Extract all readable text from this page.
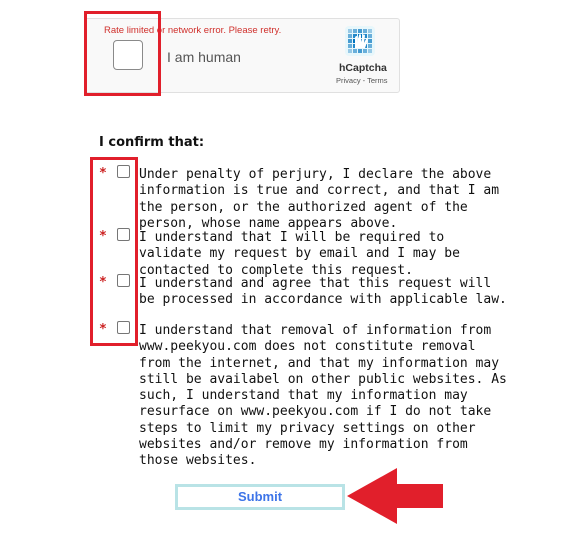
Rate limited or network error. Please retry.
I am human
hCaptcha
Privacy - Terms
I confirm that:
* Under penalty of perjury, I declare the above information is true and correct, and that I am the person, or the authorized agent of the person, whose name appears above.
* I understand that I will be required to validate my request by email and I may be contacted to complete this request.
* I understand and agree that this request will be processed in accordance with applicable law.
* I understand that removal of information from www.peekyou.com does not constitute removal from the internet, and that my information may still be availabel on other public websites. As such, I understand that my information may resurface on www.peekyou.com if I do not take steps to limit my privacy settings on other websites and/or remove my information from those websites.
Submit
